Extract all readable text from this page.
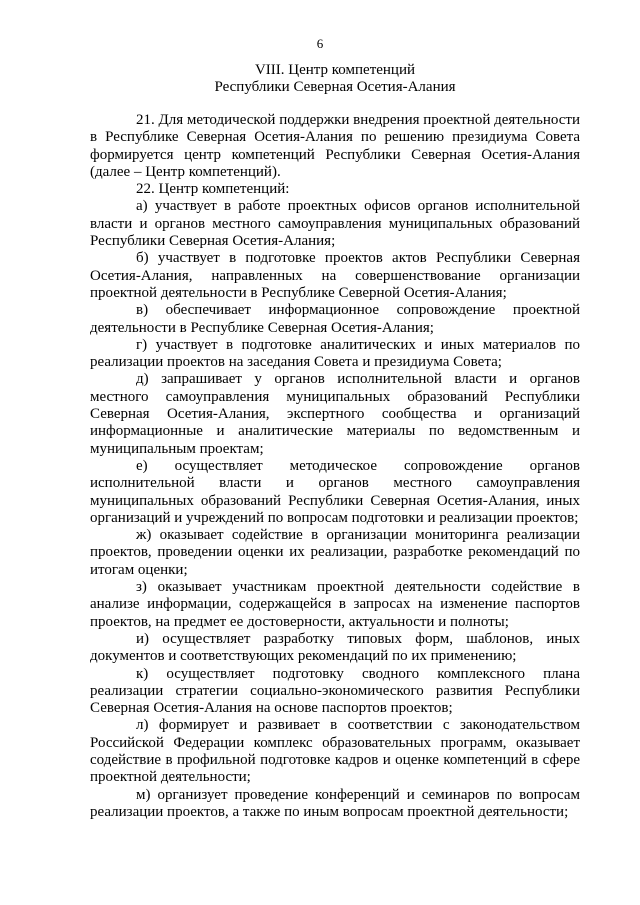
6
VIII. Центр компетенций
Республики Северная Осетия-Алания

21. Для методической поддержки внедрения проектной деятельности в Республике Северная Осетия-Алания по решению президиума Совета формируется центр компетенций Республики Северная Осетия-Алания (далее – Центр компетенций).

22. Центр компетенций:

а) участвует в работе проектных офисов органов исполнительной власти и органов местного самоуправления муниципальных образований Республики Северная Осетия-Алания;

б) участвует в подготовке проектов актов Республики Северная Осетия-Алания, направленных на совершенствование организации проектной деятельности в Республике Северной Осетия-Алания;

в) обеспечивает информационное сопровождение проектной деятельности в Республике Северная Осетия-Алания;

г) участвует в подготовке аналитических и иных материалов по реализации проектов на заседания Совета и президиума Совета;

д) запрашивает у органов исполнительной власти и органов местного самоуправления муниципальных образований Республики Северная Осетия-Алания, экспертного сообщества и организаций информационные и аналитические материалы по ведомственным и муниципальным проектам;

е) осуществляет методическое сопровождение органов исполнительной власти и органов местного самоуправления муниципальных образований Республики Северная Осетия-Алания, иных организаций и учреждений по вопросам подготовки и реализации проектов;

ж) оказывает содействие в организации мониторинга реализации проектов, проведении оценки их реализации, разработке рекомендаций по итогам оценки;

з) оказывает участникам проектной деятельности содействие в анализе информации, содержащейся в запросах на изменение паспортов проектов, на предмет ее достоверности, актуальности и полноты;

и) осуществляет разработку типовых форм, шаблонов, иных документов и соответствующих рекомендаций по их применению;

к) осуществляет подготовку сводного комплексного плана реализации стратегии социально-экономического развития Республики Северная Осетия-Алания на основе паспортов проектов;

л) формирует и развивает в соответствии с законодательством Российской Федерации комплекс образовательных программ, оказывает содействие в профильной подготовке кадров и оценке компетенций в сфере проектной деятельности;

м) организует проведение конференций и семинаров по вопросам реализации проектов, а также по иным вопросам проектной деятельности;
